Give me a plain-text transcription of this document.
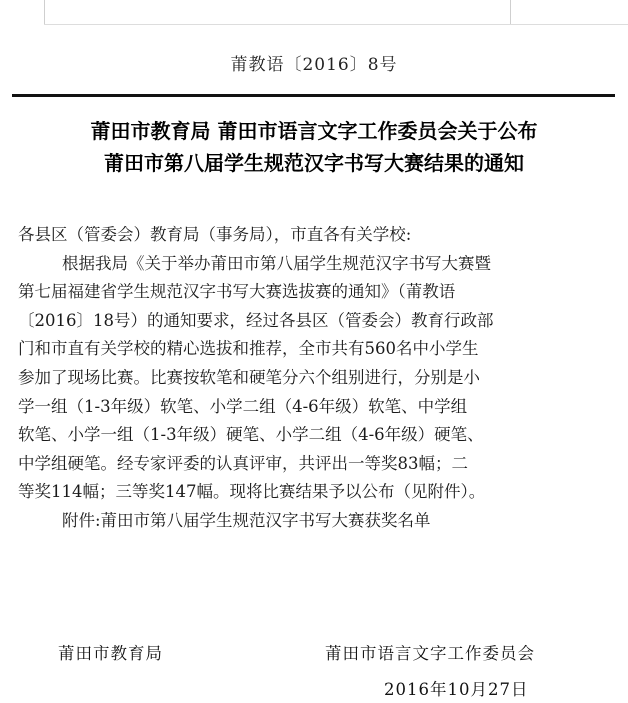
莆教语〔2016〕8号
莆田市教育局 莆田市语言文字工作委员会关于公布
莆田市第八届学生规范汉字书写大赛结果的通知

各县区（管委会）教育局（事务局），市直各有关学校:

根据我局《关于举办莆田市第八届学生规范汉字书写大赛暨

第七届福建省学生规范汉字书写大赛选拔赛的通知》（莆教语

〔2016〕18号）的通知要求，经过各县区（管委会）教育行政部

门和市直有关学校的精心选拔和推荐，全市共有560名中小学生

参加了现场比赛。比赛按软笔和硬笔分六个组别进行，分别是小

学一组（1-3年级）软笔、小学二组（4-6年级）软笔、中学组

软笔、小学一组（1-3年级）硬笔、小学二组（4-6年级）硬笔、

中学组硬笔。经专家评委的认真评审，共评出一等奖83幅；二

等奖114幅；三等奖147幅。现将比赛结果予以公布（见附件）。

附件:莆田市第八届学生规范汉字书写大赛获奖名单

莆田市教育局	莆田市语言文字工作委员会
2016年10月27日
